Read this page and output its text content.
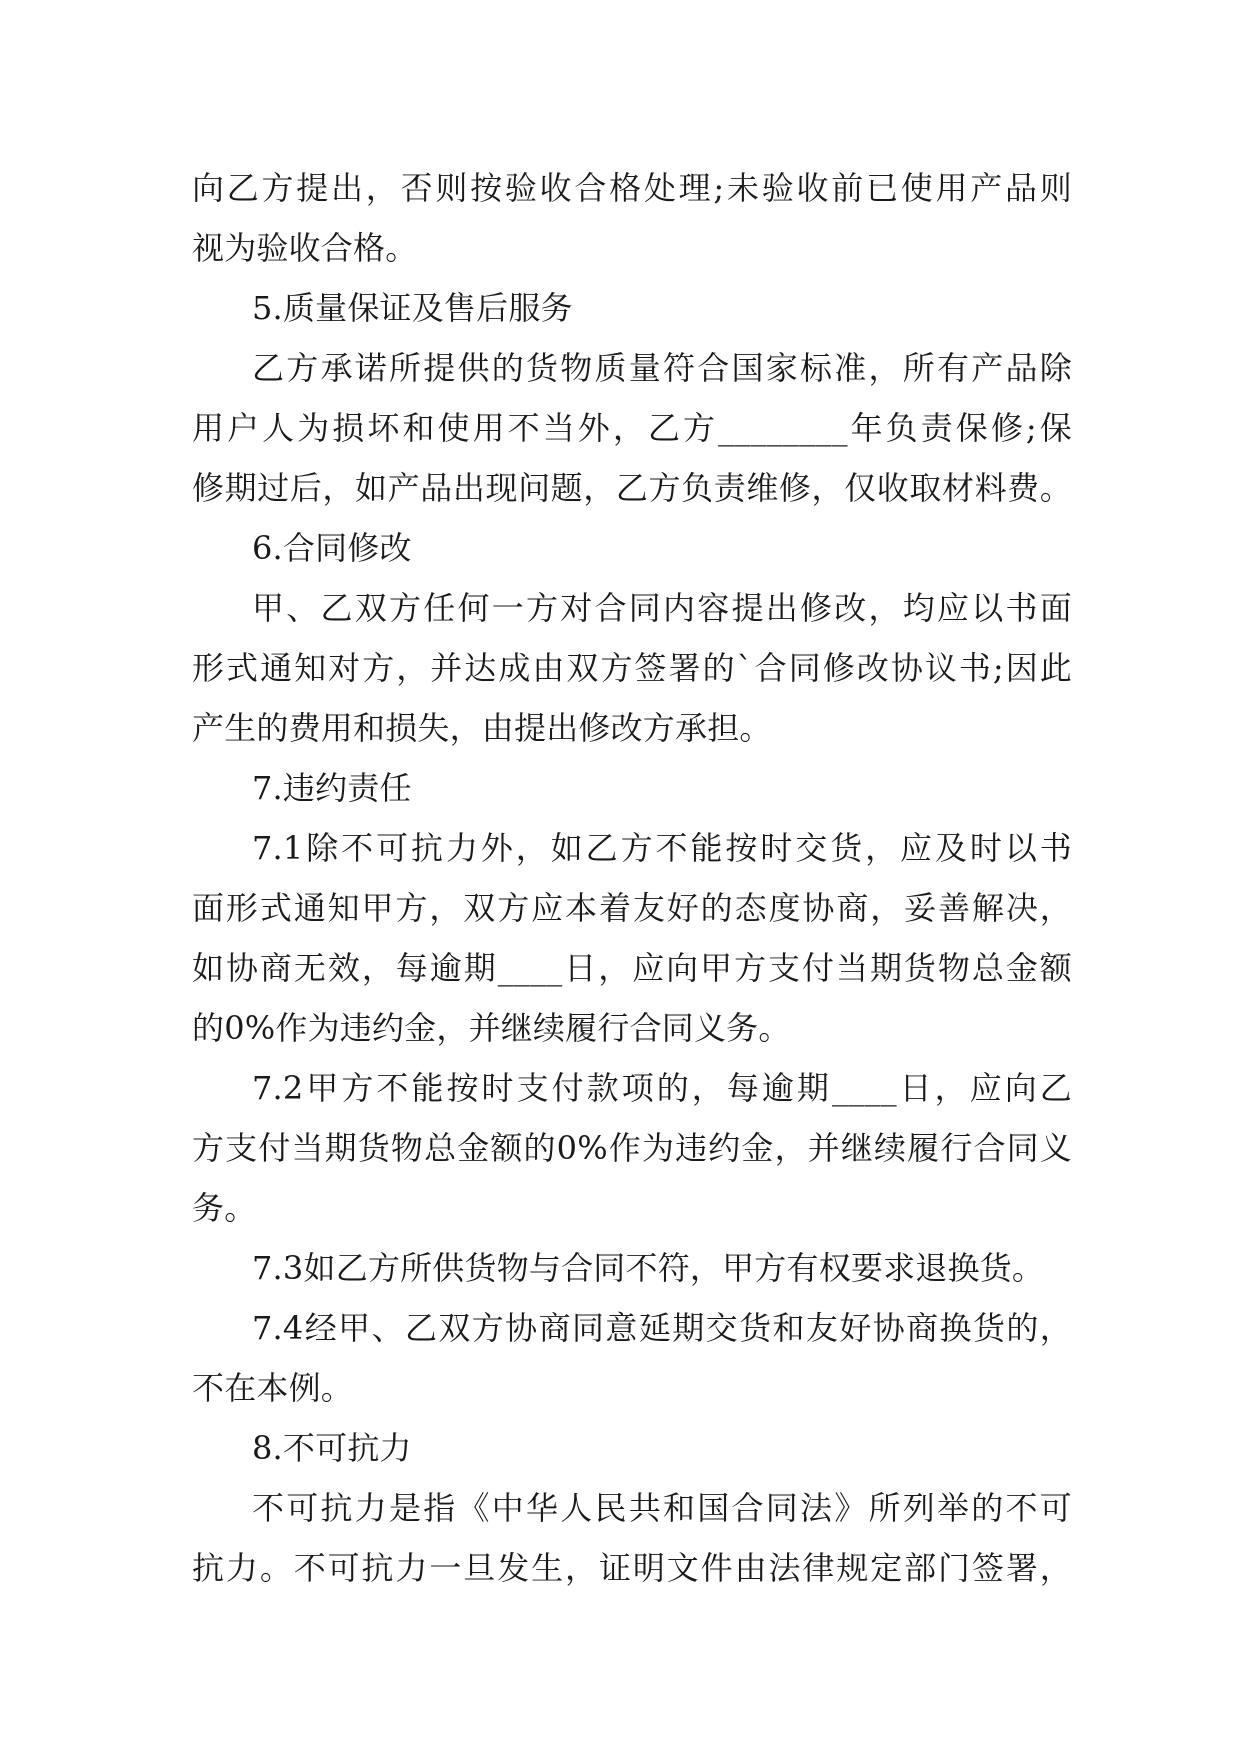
向乙方提出，否则按验收合格处理;未验收前已使用产品则
视为验收合格。
5.质量保证及售后服务
乙方承诺所提供的货物质量符合国家标准，所有产品除
用户人为损坏和使用不当外，乙方________年负责保修;保
修期过后，如产品出现问题，乙方负责维修，仅收取材料费。
6.合同修改
甲、乙双方任何一方对合同内容提出修改，均应以书面
形式通知对方，并达成由双方签署的`合同修改协议书;因此
产生的费用和损失，由提出修改方承担。
7.违约责任
7.1除不可抗力外，如乙方不能按时交货，应及时以书
面形式通知甲方，双方应本着友好的态度协商，妥善解决，
如协商无效，每逾期____日，应向甲方支付当期货物总金额
的0%作为违约金，并继续履行合同义务。
7.2甲方不能按时支付款项的，每逾期____日，应向乙
方支付当期货物总金额的0%作为违约金，并继续履行合同义
务。
7.3如乙方所供货物与合同不符，甲方有权要求退换货。
7.4经甲、乙双方协商同意延期交货和友好协商换货的，
不在本例。
8.不可抗力
不可抗力是指《中华人民共和国合同法》所列举的不可
抗力。不可抗力一旦发生，证明文件由法律规定部门签署，
